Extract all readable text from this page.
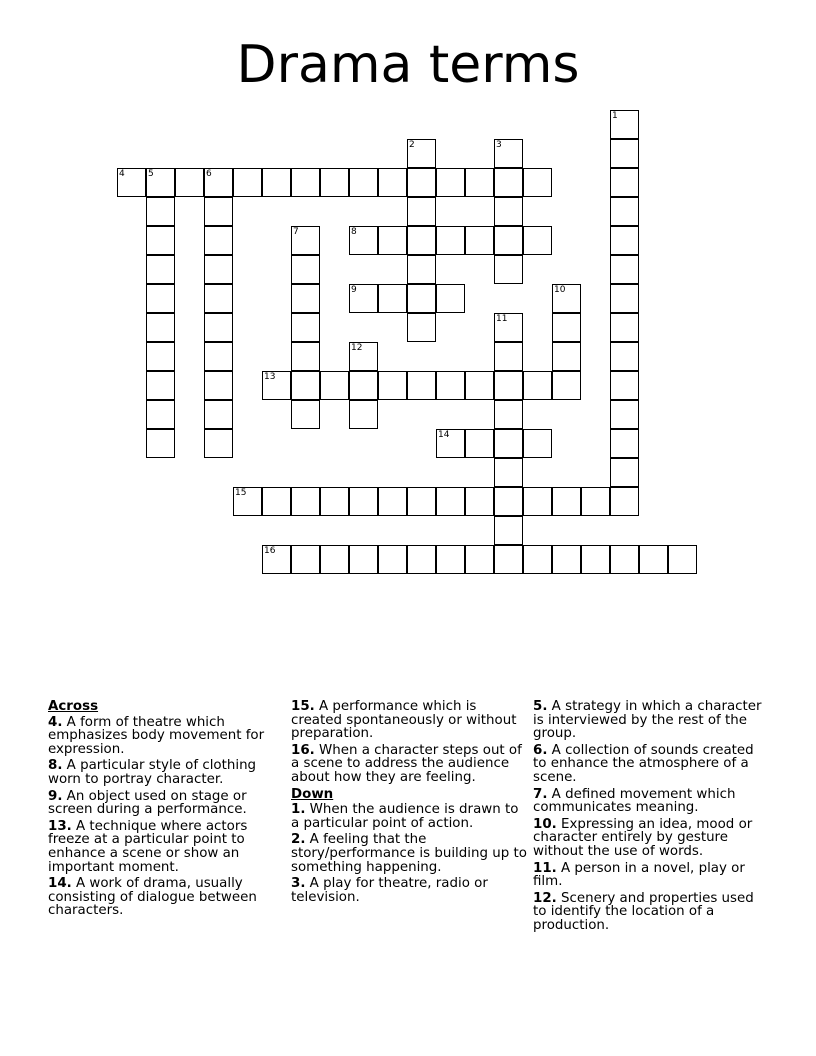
Drama terms
4	5	6
8
9
13
14
15
16
1
2	3
7
10
11
12
Across
4. A form of theatre which emphasizes body movement for expression.
8. A particular style of clothing worn to portray character.
9. An object used on stage or screen during a performance.
13. A technique where actors freeze at a particular point to enhance a scene or show an important moment.
14. A work of drama, usually consisting of dialogue between characters.
15. A performance which is created spontaneously or without preparation.
16. When a character steps out of a scene to address the audience about how they are feeling.
Down
1. When the audience is drawn to a particular point of action.
2. A feeling that the story/performance is building up to something happening.
3. A play for theatre, radio or television.
5. A strategy in which a character is interviewed by the rest of the group.
6. A collection of sounds created to enhance the atmosphere of a scene.
7. A defined movement which communicates meaning.
10. Expressing an idea, mood or character entirely by gesture without the use of words.
11. A person in a novel, play or film.
12. Scenery and properties used to identify the location of a production.
